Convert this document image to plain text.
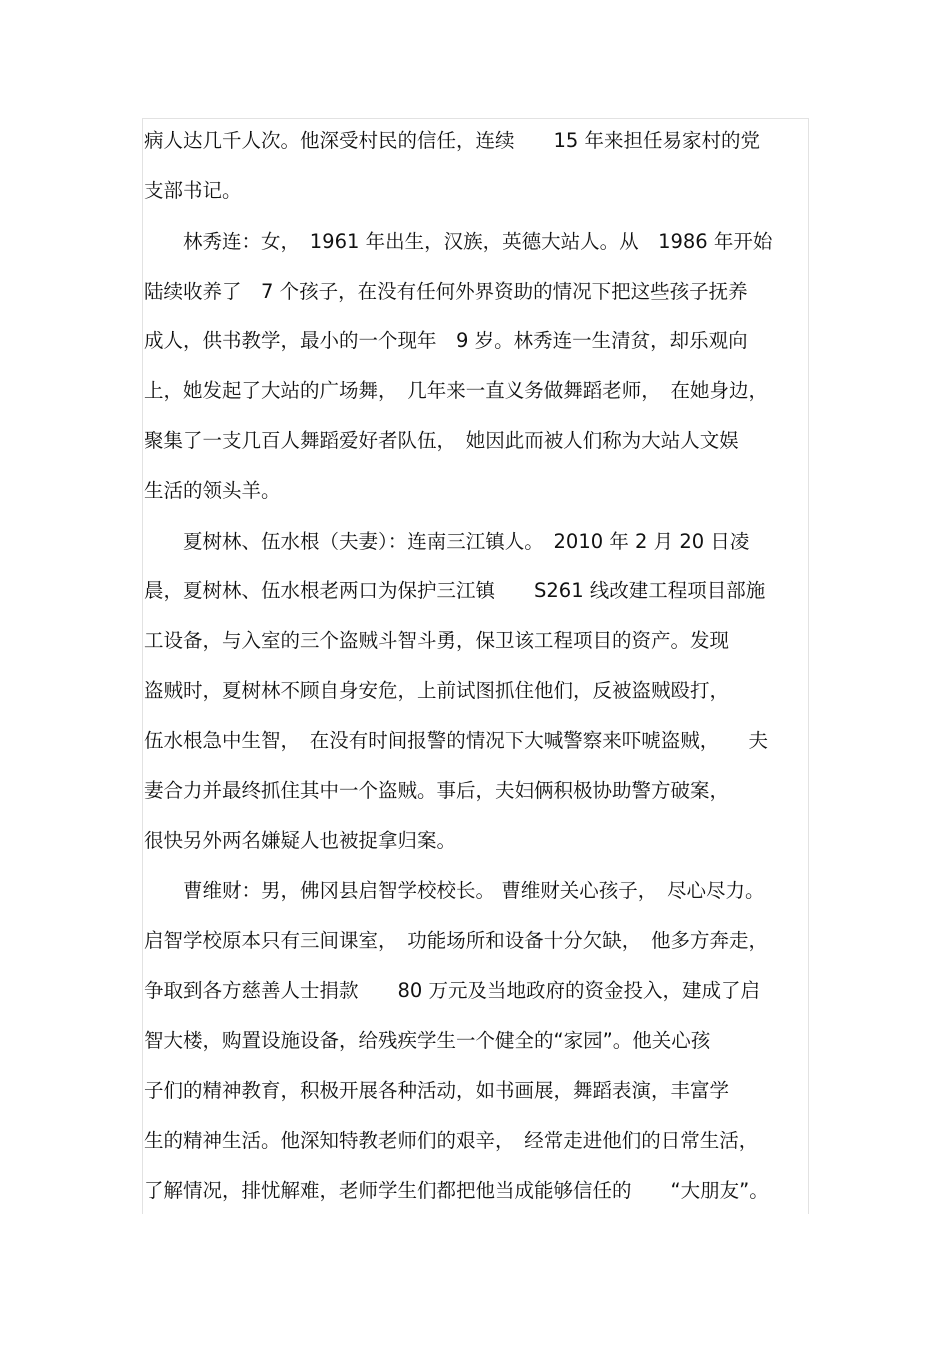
病人达几千人次。他深受村民的信任，连续　　15 年来担任易家村的党
支部书记。
　　林秀连：女，　1961 年出生，汉族，英德大站人。从　1986 年开始
陆续收养了　7 个孩子，在没有任何外界资助的情况下把这些孩子抚养
成人，供书教学，最小的一个现年　9 岁。林秀连一生清贫，却乐观向
上，她发起了大站的广场舞，　几年来一直义务做舞蹈老师，　在她身边，
聚集了一支几百人舞蹈爱好者队伍，　她因此而被人们称为大站人文娱
生活的领头羊。
　　夏树林、伍水根（夫妻）：连南三江镇人。　2010 年 2 月 20 日凌
晨，夏树林、伍水根老两口为保护三江镇　　S261 线改建工程项目部施
工设备，与入室的三个盗贼斗智斗勇，保卫该工程项目的资产。发现
盗贼时，夏树林不顾自身安危，上前试图抓住他们，反被盗贼殴打，
伍水根急中生智，　在没有时间报警的情况下大喊警察来吓唬盗贼，　　夫
妻合力并最终抓住其中一个盗贼。事后，夫妇俩积极协助警方破案，
很快另外两名嫌疑人也被捉拿归案。
　　曹维财：男，佛冈县启智学校校长。 曹维财关心孩子，　尽心尽力。
启智学校原本只有三间课室，　功能场所和设备十分欠缺，　他多方奔走，
争取到各方慈善人士捐款　　80 万元及当地政府的资金投入，建成了启
智大楼，购置设施设备，给残疾学生一个健全的“家园”。他关心孩
子们的精神教育，积极开展各种活动，如书画展，舞蹈表演，丰富学
生的精神生活。他深知特教老师们的艰辛，　经常走进他们的日常生活，
了解情况，排忧解难，老师学生们都把他当成能够信任的　　“大朋友”。
